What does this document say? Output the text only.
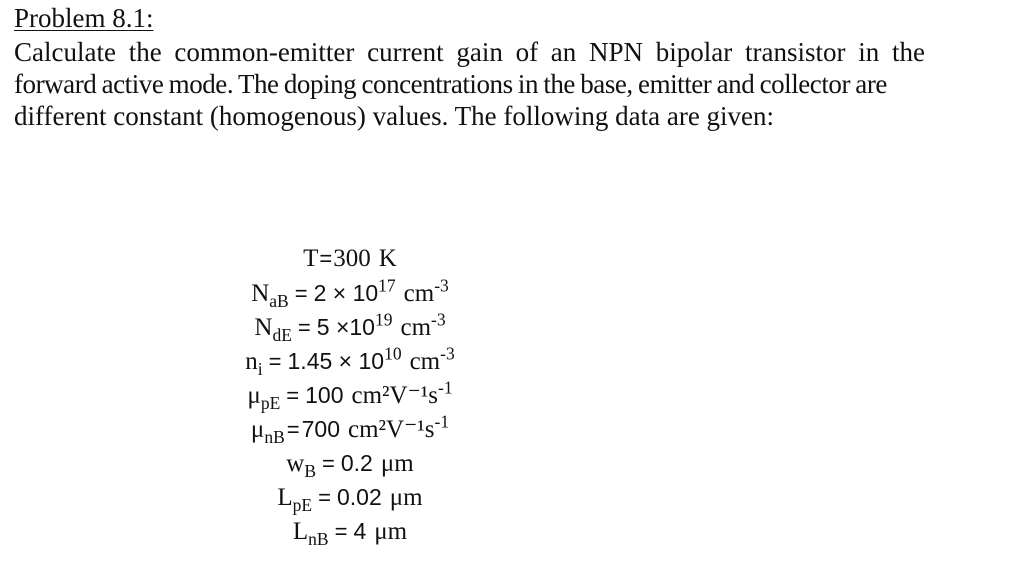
Problem 8.1:
Calculate the common-emitter current gain of an NPN bipolar transistor in the
forward active mode. The doping concentrations in the base, emitter and collector are
different constant (homogenous) values. The following data are given:
T=300 K
$N_{aB} = 2 \times 10^{17}$ $cm^{-3}$
$N_{dE} = 5 \times 10^{19}$ $cm^{-3}$
$n_i = 1.45 \times 10^{10}$ $cm^{-3}$
$\mu_{pE} = 100$ $cm^2V^{-1}s^{-1}$
$\mu_{nB}=700$ $cm^2V^{-1}s^{-1}$
$w_B = 0.2$ μm
$L_{pE} = 0.02$ μm
$L_{nB} = 4$ μm
